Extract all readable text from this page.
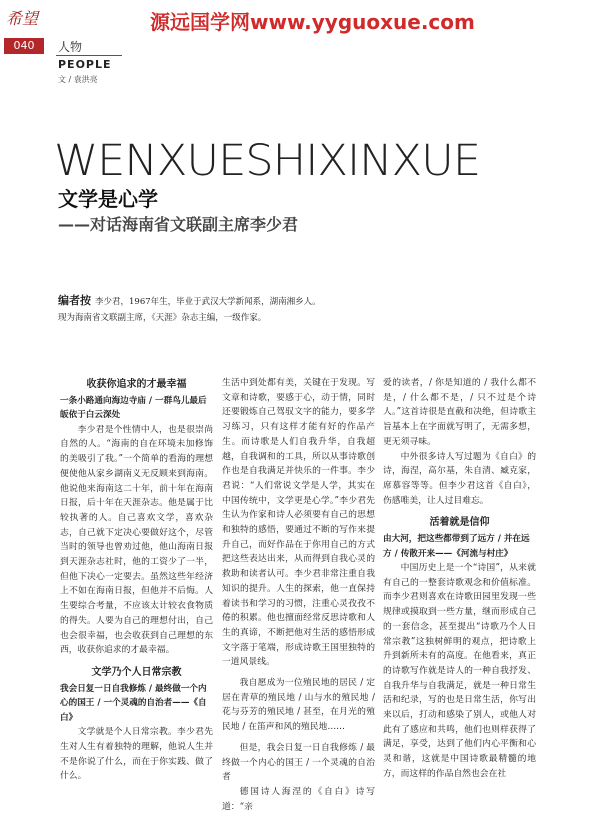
希望
040
源远国学网www.yyguoxue.com
人物
PEOPLE
文 / 袁洪亮
WENXUESHIXINXUE
文学是心学
——对话海南省文联副主席李少君
编者按 李少君，1967年生，毕业于武汉大学新闻系，湖南湘乡人。
现为海南省文联副主席，《天涯》杂志主编，一级作家。
收获你追求的才最幸福
一条小路通向海边寺庙 / 一群鸟儿最后皈依于白云深处

李少君是个性情中人，也是很崇尚自然的人。“海南的自在环境未加修饰的美吸引了我。”一个简单的看海的理想便使他从家乡湖南义无反顾来到海南。他说他来海南这二十年，前十年在海南日报，后十年在天涯杂志。他是属于比较执著的人。自己喜欢文学，喜欢杂志，自己就下定决心要做好这个，尽管当时的领导也曾劝过他，他山海南日报到天涯杂志社时，他的工资少了一半，但他下决心一定要去。虽然这些年经济上不如在海南日报，但他并不后悔。人生要综合考量，不应该太计较衣食物质的得失。人要为自己的理想付出，自己也会很幸福，也会收获到自己理想的东西，收获你追求的才最幸福。

文学乃个人日常宗教
我会日复一日自我修炼 / 最终做一个内心的国王 / 一个灵魂的自治者——《自白》

文学就是个人日常宗教。李少君先生对人生有着独特的理解，他说人生并不是你说了什么，而在于你实践、做了什么。

生活中到处都有美，关键在于发现。写文章和诗歌，要感于心，动于情，同时还要锻炼自己驾驭文字的能力，要多学习练习，只有这样才能有好的作品产生。而诗歌是人们自我升华，自我超越，自我调和的工具，所以从事诗歌创作也是自我满足并快乐的一件事。李少君说：“人们常说文学是人学，其实在中国传统中，文学更是心学。”李少君先生认为作家和诗人必须要有自己的思想和独特的感悟，要通过不断的写作来提升自己，而好作品在于你用自己的方式把这些表达出来，从而得到自我心灵的救助和读者认可。李少君非常注重自我知识的提升。人生的探索，他一直保持着读书和学习的习惯，注重心灵孜孜不倦的积累。他也擅面经常反思诗歌和人生的真谛，不断把他对生活的感悟形成文字落于笔端，形成诗歌王国里独特的一道风景线。

我自愿成为一位殖民地的居民 / 定居在青草的殖民地 / 山与水的殖民地 / 花与芬芳的殖民地 / 甚至，在月光的殖民地 / 在笛声和风的殖民地……

但是，我会日复一日自我修炼 / 最终做一个内心的国王 / 一个灵魂的自治者

德国诗人海涅的《自白》诗写道：“亲

爱的读者，/ 你是知道的 / 我什么都不是，/ 什么都不是，/ 只不过是个诗人。”这首诗很是直截和决绝，但诗歌主旨基本上在字面就写明了，无需多想，更无须寻味。

中外很多诗人写过题为《自白》的诗，海涅，高尔基，朱自清、臧克家，席慕容等等。但李少君这首《自白》，伤感唯美，让人过目难忘。

活着就是信仰
由大河，把这些都带到了远方 / 并在远方 / 传散开来——《河流与村庄》

中国历史上是一个“诗国”，从来就有自己的一整套诗歌观念和价值标准。而李少君则喜欢在诗歌田园里发现一些规律或摸取到一些方量，继而形成自己的一套信念，甚至提出“诗歌乃个人日常宗教”这独树鲜明的观点，把诗歌上升到新所未有的高度。在他看来，真正的诗歌写作就是诗人的一种自我抒发、自我升华与自我满足，就是一种日常生活和纪录，写的也是日常生活，你写出来以后，打动和感染了别人，或他人对此有了感应和共鸣，他们也则样获得了满足，享受，达到了他们内心平衡和心灵和谐，这就是中国诗歌最精髓的地方，而这样的作品自然也会在社
